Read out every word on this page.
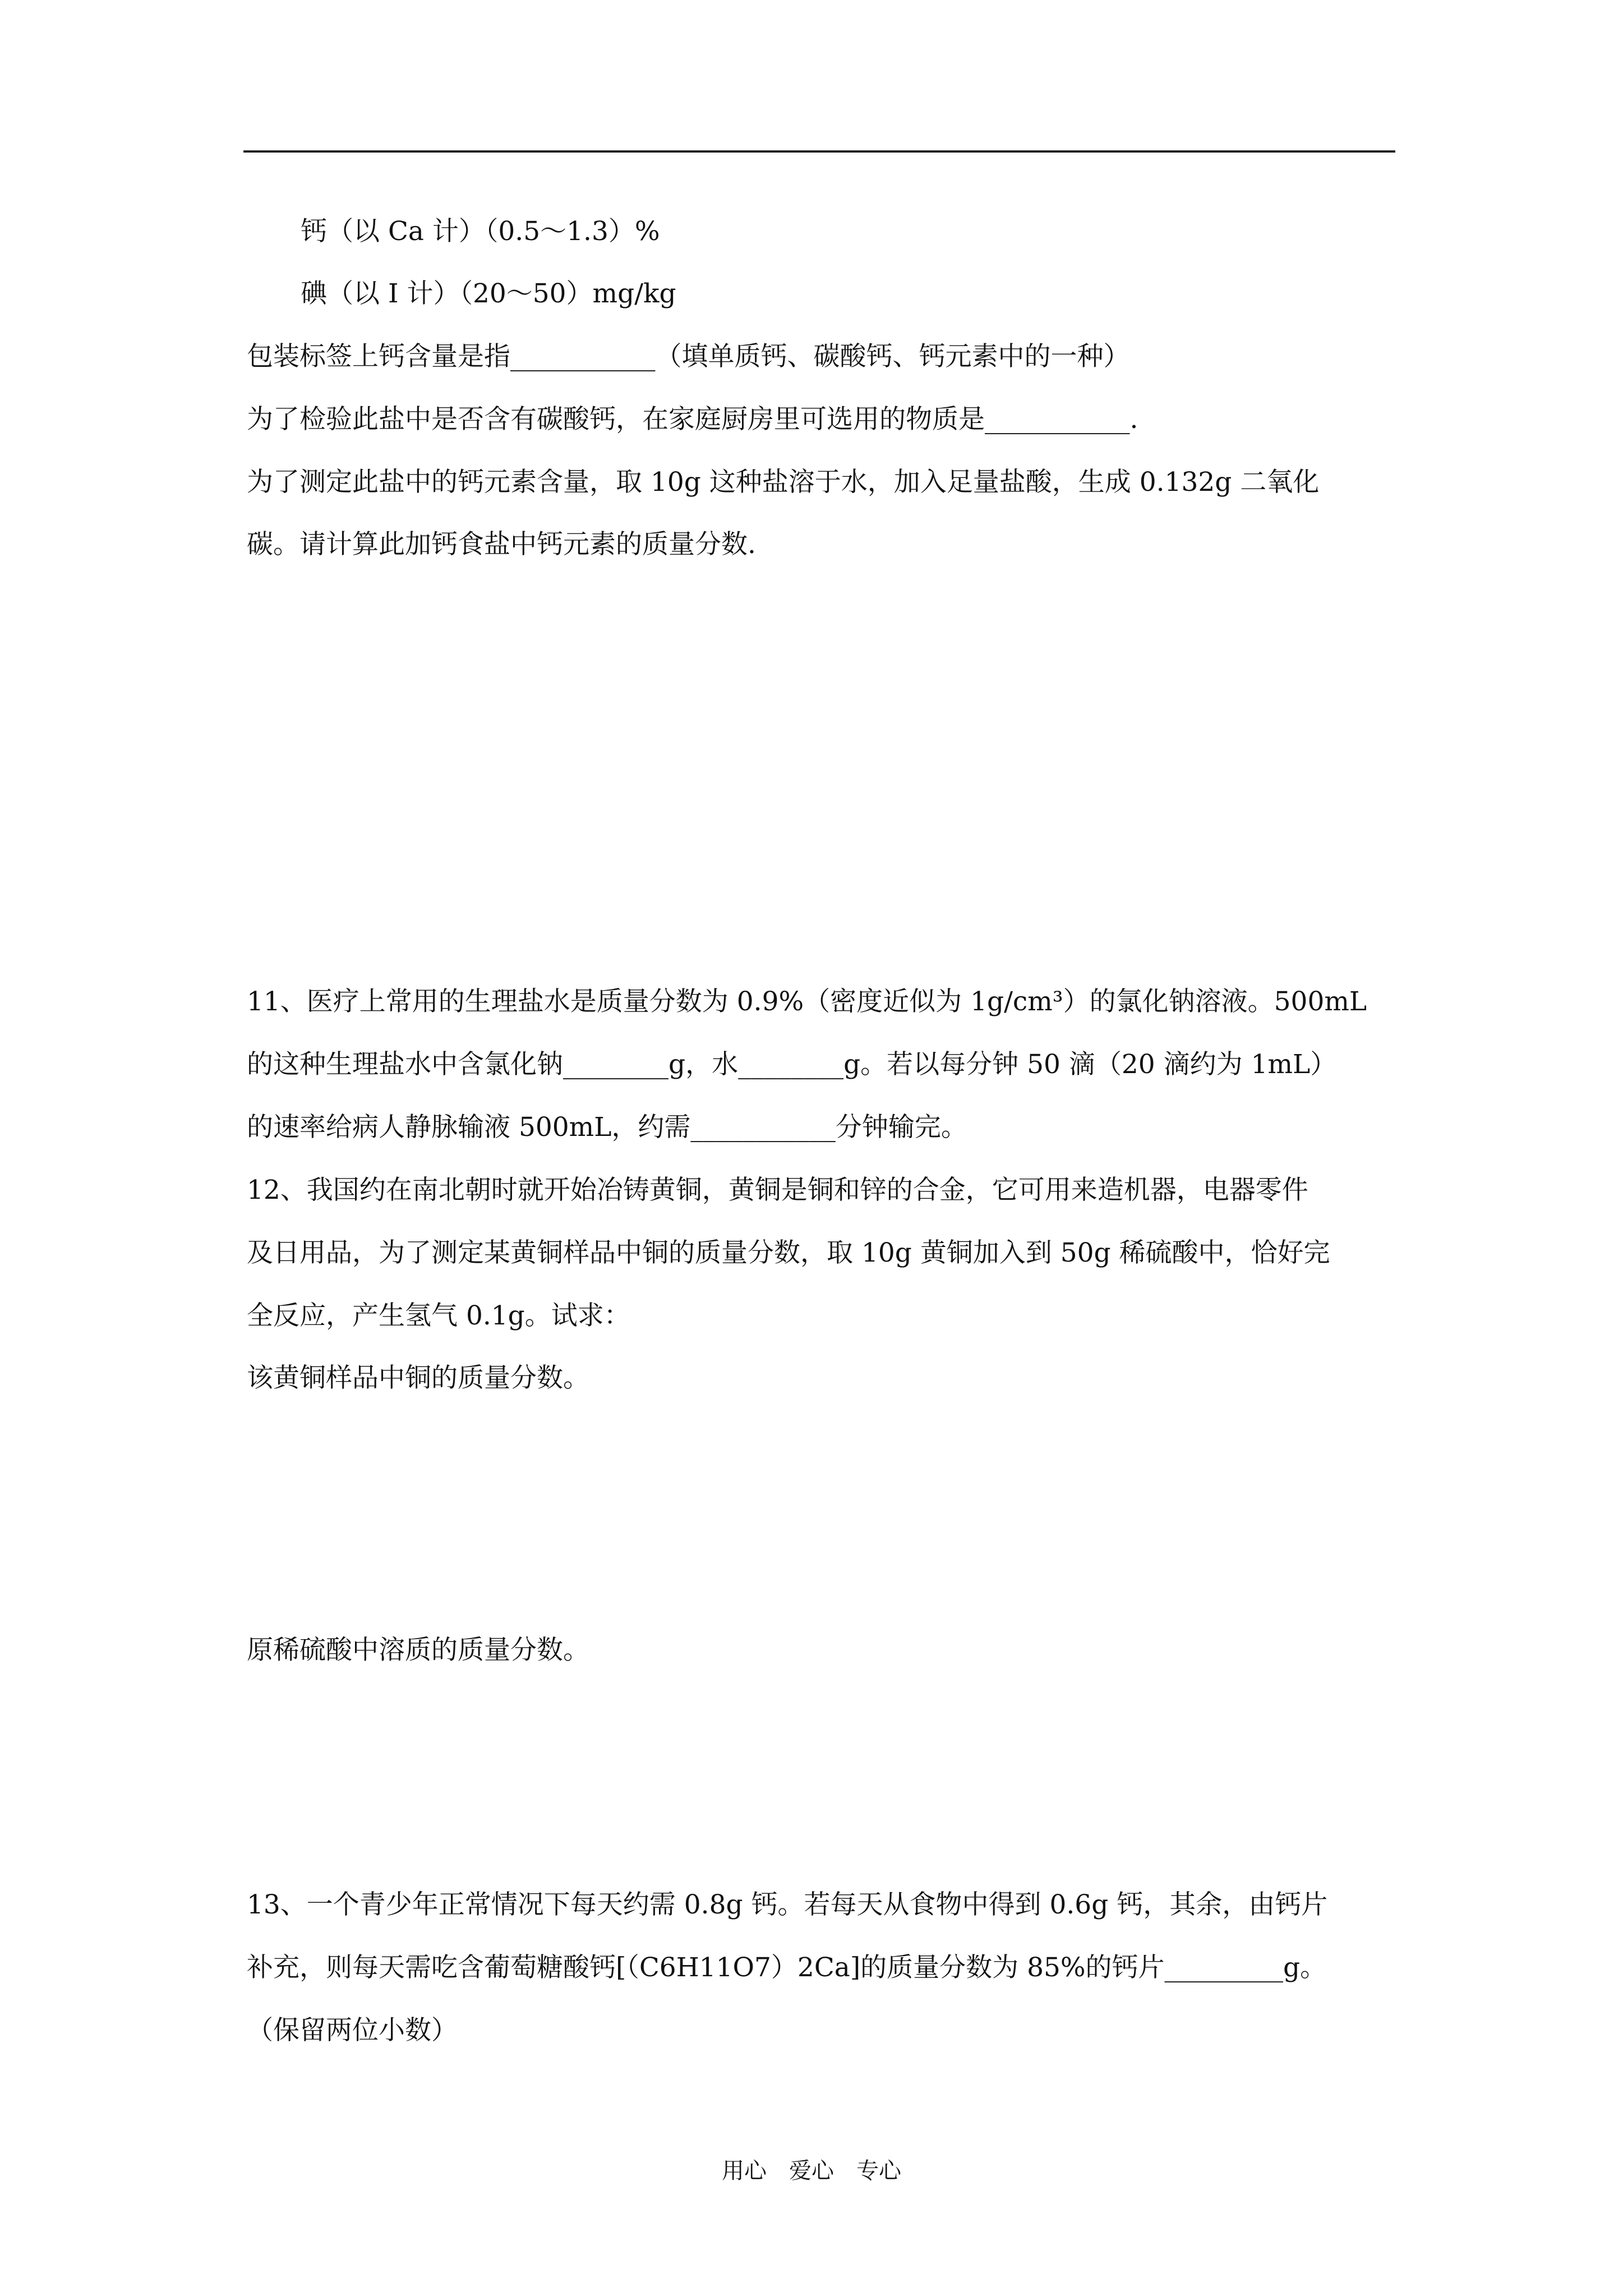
钙（以 Ca 计）（0.5～1.3）%
碘（以 I 计）（20～50）mg/kg
包装标签上钙含量是指___________（填单质钙、碳酸钙、钙元素中的一种）
为了检验此盐中是否含有碳酸钙，在家庭厨房里可选用的物质是___________.
为了测定此盐中的钙元素含量，取 10g 这种盐溶于水，加入足量盐酸，生成 0.132g 二氧化
碳。请计算此加钙食盐中钙元素的质量分数.
11、医疗上常用的生理盐水是质量分数为 0.9%（密度近似为 1g/cm³）的氯化钠溶液。500mL
的这种生理盐水中含氯化钠________g，水________g。若以每分钟 50 滴（20 滴约为 1mL）
的速率给病人静脉输液 500mL，约需___________分钟输完。
12、我国约在南北朝时就开始冶铸黄铜，黄铜是铜和锌的合金，它可用来造机器，电器零件
及日用品，为了测定某黄铜样品中铜的质量分数，取 10g 黄铜加入到 50g 稀硫酸中，恰好完
全反应，产生氢气 0.1g。试求：
该黄铜样品中铜的质量分数。
原稀硫酸中溶质的质量分数。
13、一个青少年正常情况下每天约需 0.8g 钙。若每天从食物中得到 0.6g 钙，其余，由钙片
补充，则每天需吃含葡萄糖酸钙[（C6H11O7）2Ca]的质量分数为 85%的钙片_________g。
（保留两位小数）
用心　爱心　专心
